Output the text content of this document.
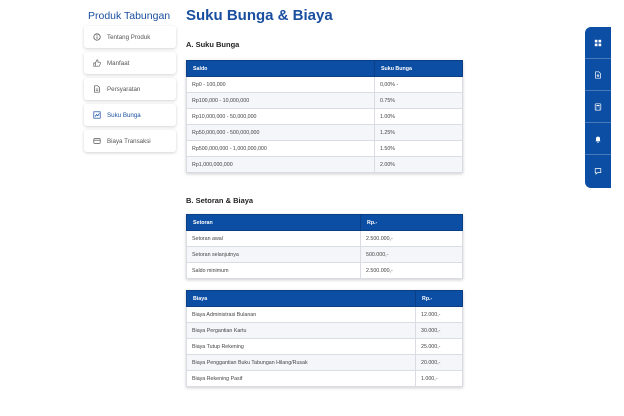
Produk Tabungan
Tentang Produk
Manfaat
Persyaratan
Suku Bunga
Biaya Transaksi
Suku Bunga & Biaya
A. Suku Bunga
Saldo	Suku Bunga
Rp0 - 100,000	0,00% -
Rp100,000 - 10,000,000	0.75%
Rp10,000,000 - 50,000,000	1.00%
Rp50,000,000 - 500,000,000	1.25%
Rp500,000,000 - 1,000,000,000	1.50%
Rp1,000,000,000	2.00%
B. Setoran & Biaya
Setoran	Rp.-
Setoran awal	2.500.000,-
Setoran selanjutnya	500.000,-
Saldo minimum	2.500.000,-
Biaya	Rp.-
Biaya Administrasi Bulanan	12.000,-
Biaya Pergantian Kartu	30.000,-
Biaya Tutup Rekening	25.000,-
Biaya Penggantian Buku Tabungan Hilang/Rusak	20.000,-
Biaya Rekening Pasif	1.000,-
